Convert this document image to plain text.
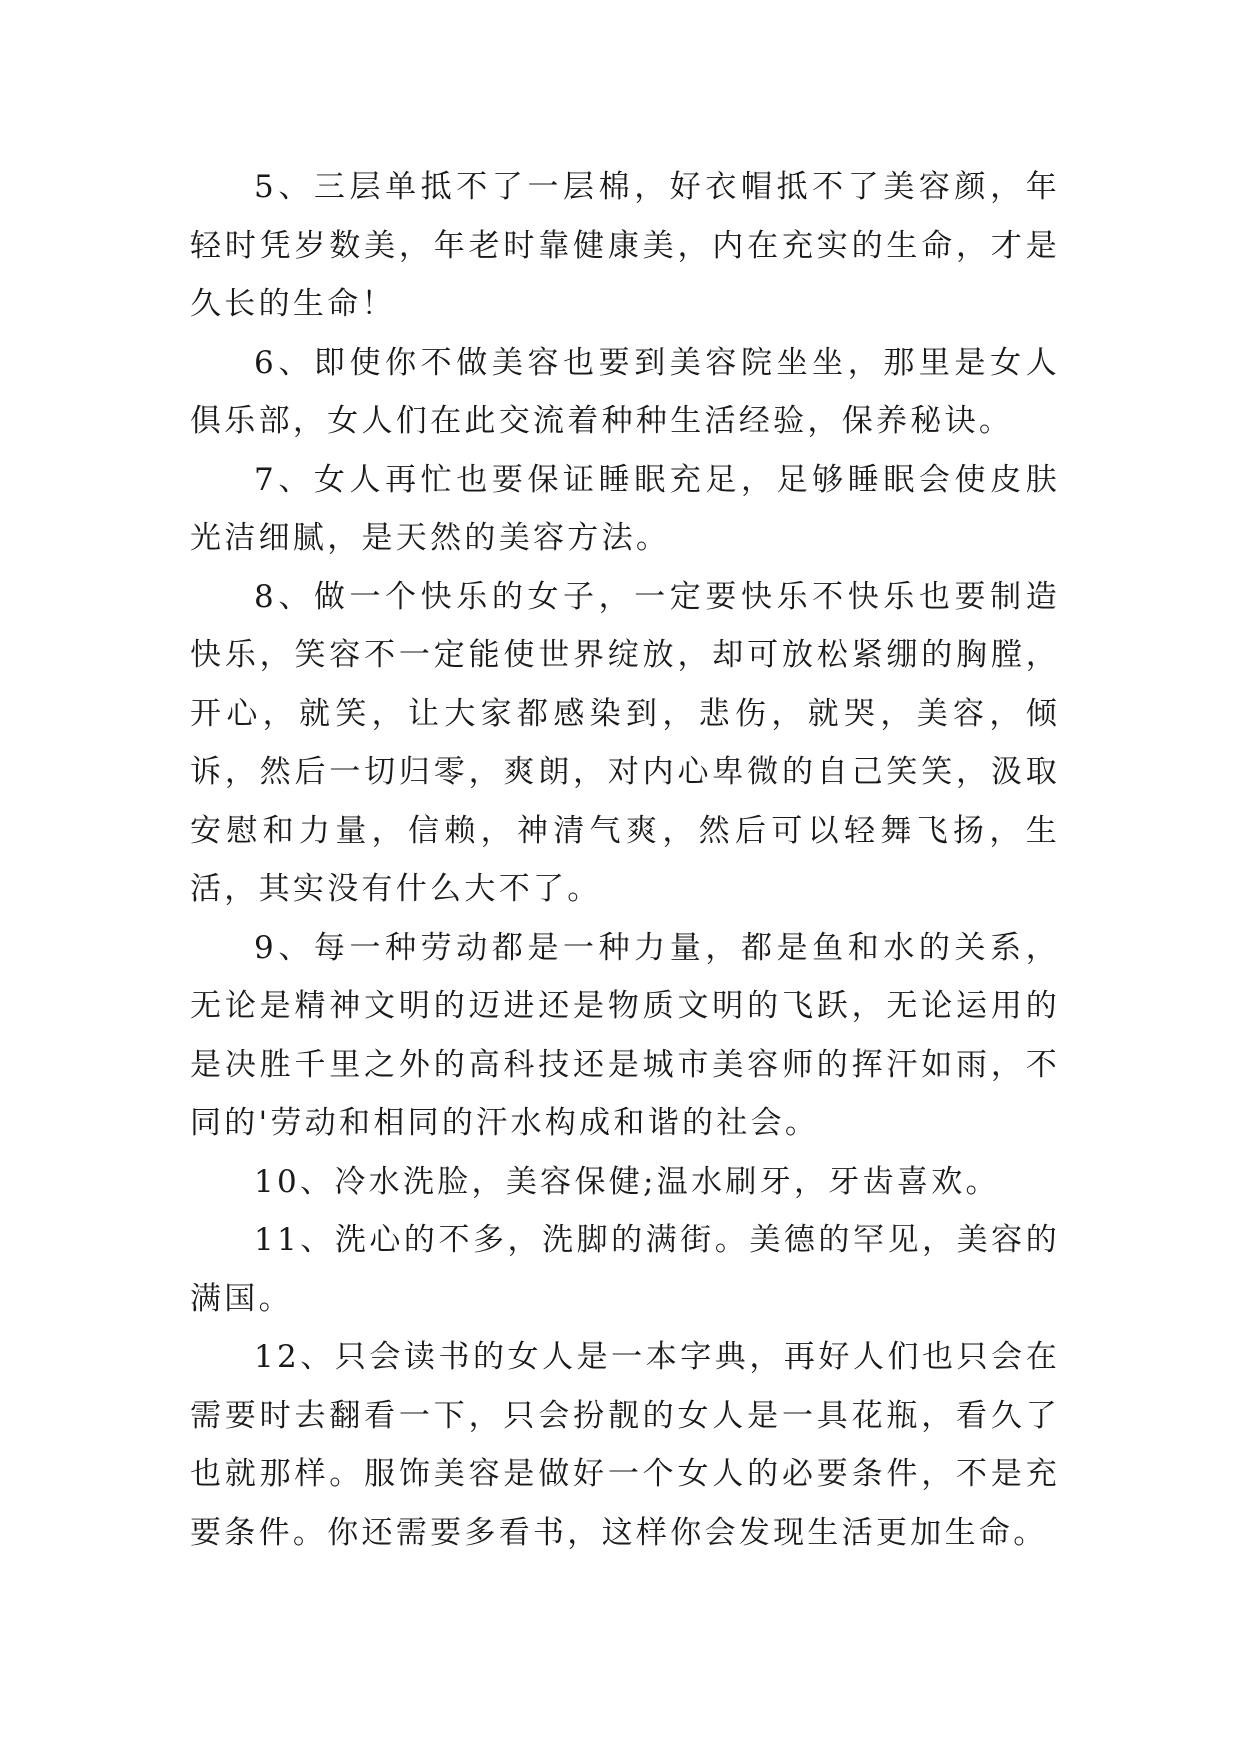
5、三层单抵不了一层棉，好衣帽抵不了美容颜，年轻时凭岁数美，年老时靠健康美，内在充实的生命，才是久长的生命！

6、即使你不做美容也要到美容院坐坐，那里是女人俱乐部，女人们在此交流着种种生活经验，保养秘诀。

7、女人再忙也要保证睡眠充足，足够睡眠会使皮肤光洁细腻，是天然的美容方法。

8、做一个快乐的女子，一定要快乐不快乐也要制造快乐，笑容不一定能使世界绽放，却可放松紧绷的胸膛，开心，就笑，让大家都感染到，悲伤，就哭，美容，倾诉，然后一切归零，爽朗，对内心卑微的自己笑笑，汲取安慰和力量，信赖，神清气爽，然后可以轻舞飞扬，生活，其实没有什么大不了。

9、每一种劳动都是一种力量，都是鱼和水的关系，无论是精神文明的迈进还是物质文明的飞跃，无论运用的是决胜千里之外的高科技还是城市美容师的挥汗如雨，不同的'劳动和相同的汗水构成和谐的社会。

10、冷水洗脸，美容保健;温水刷牙，牙齿喜欢。

11、洗心的不多，洗脚的满街。美德的罕见，美容的满国。

12、只会读书的女人是一本字典，再好人们也只会在需要时去翻看一下，只会扮靓的女人是一具花瓶，看久了也就那样。服饰美容是做好一个女人的必要条件，不是充要条件。你还需要多看书，这样你会发现生活更加生命。
